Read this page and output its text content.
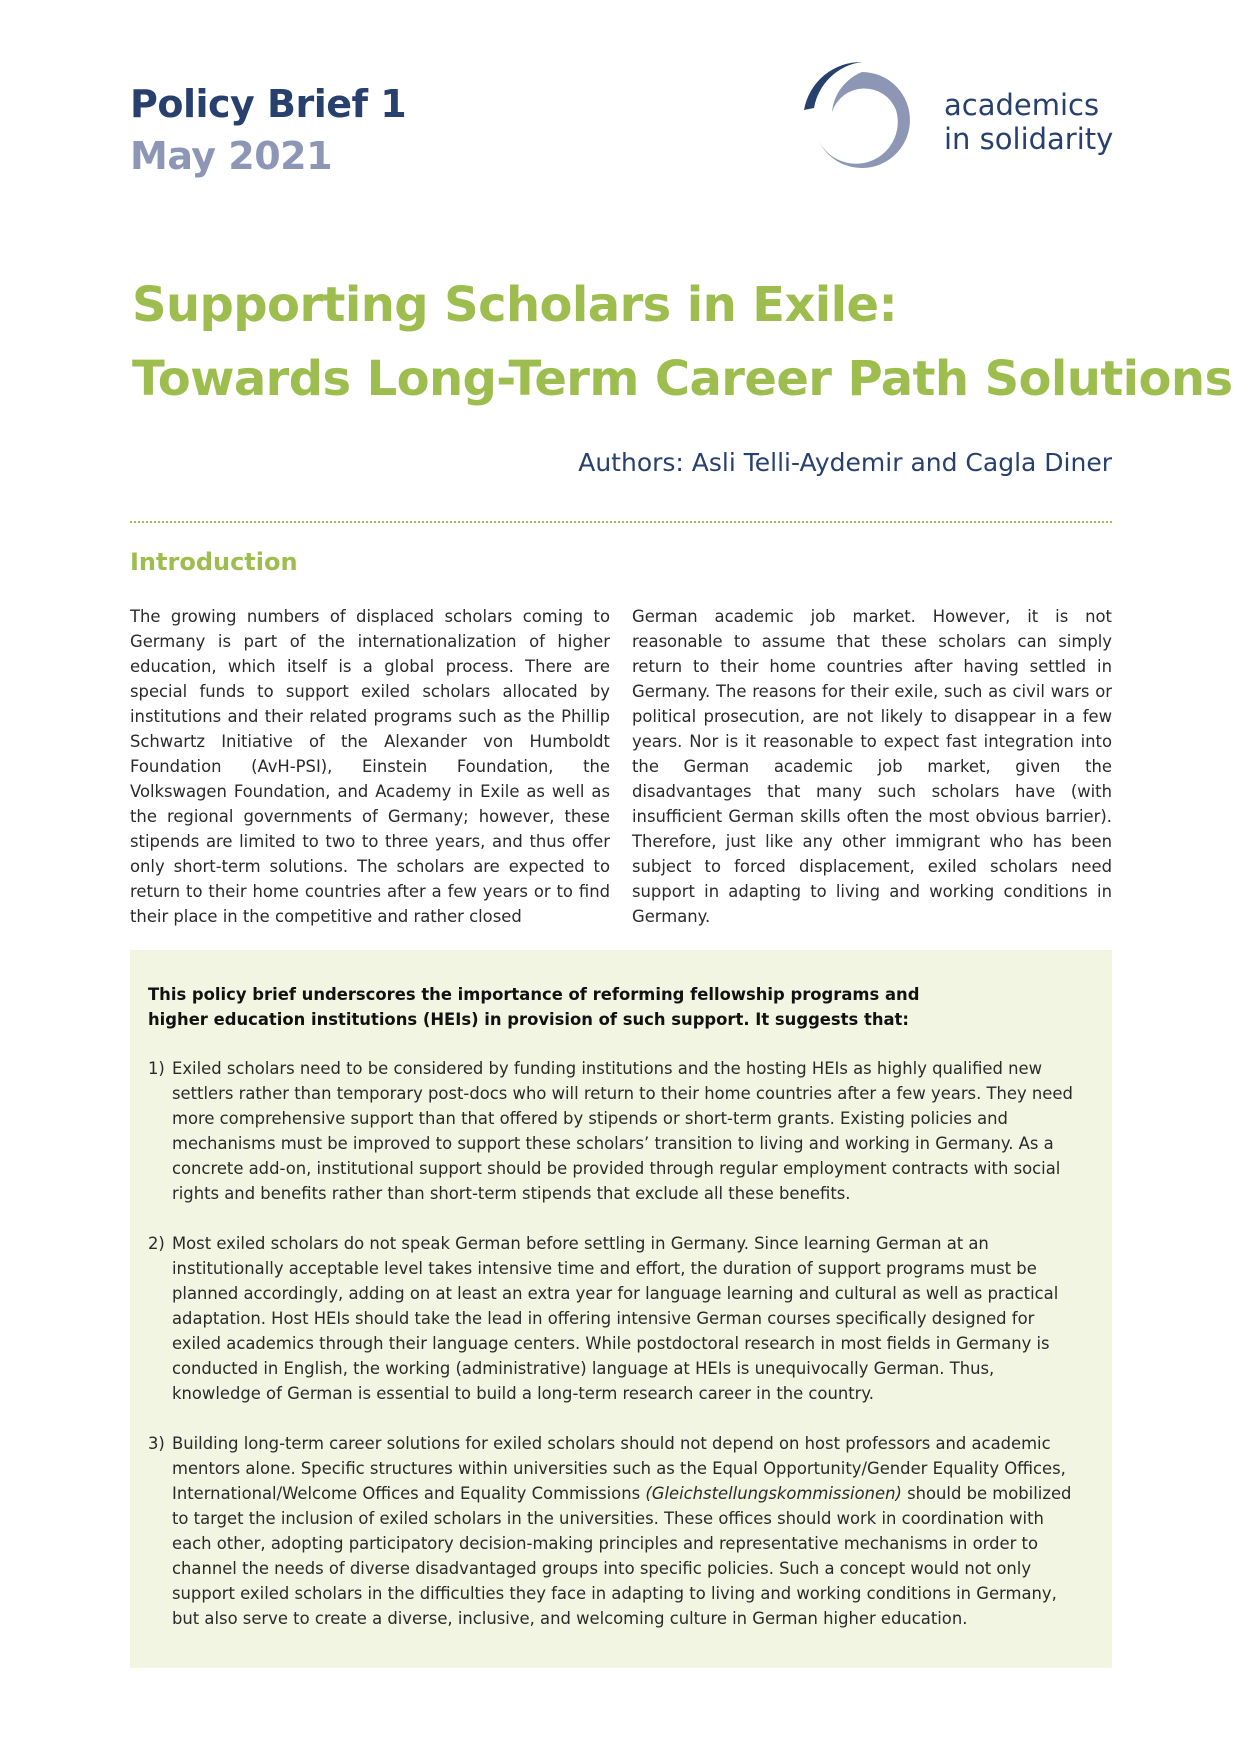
Policy Brief 1
May 2021
academics
in solidarity
Supporting Scholars in Exile:
Towards Long-Term Career Path Solutions
Authors: Asli Telli-Aydemir and Cagla Diner
Introduction

The growing numbers of displaced scholars coming to Germany is part of the internationalization of higher education, which itself is a global process. There are special funds to support exiled scholars allocated by institutions and their related programs such as the Phillip Schwartz Initiative of the Alexander von Humboldt Foundation (AvH-PSI), Einstein Foundation, the Volkswagen Foundation, and Academy in Exile as well as the regional governments of Germany; however, these stipends are limited to two to three years, and thus offer only short-term solutions. The scholars are expected to return to their home countries after a few years or to find their place in the competitive and rather closed

German academic job market. However, it is not reasonable to assume that these scholars can simply return to their home countries after having settled in Germany. The reasons for their exile, such as civil wars or political prosecution, are not likely to disappear in a few years. Nor is it reasonable to expect fast integration into the German academic job market, given the disadvantages that many such scholars have (with insufficient German skills often the most obvious barrier). Therefore, just like any other immigrant who has been subject to forced displacement, exiled scholars need support in adapting to living and working conditions in Germany.

This policy brief underscores the importance of reforming fellowship programs and higher education institutions (HEIs) in provision of such support. It suggests that:

1) Exiled scholars need to be considered by funding institutions and the hosting HEIs as highly qualified new settlers rather than temporary post-docs who will return to their home countries after a few years. They need more comprehensive support than that offered by stipends or short-term grants. Existing policies and mechanisms must be improved to support these scholars’ transition to living and working in Germany. As a concrete add-on, institutional support should be provided through regular employment contracts with social rights and benefits rather than short-term stipends that exclude all these benefits.
2) Most exiled scholars do not speak German before settling in Germany. Since learning German at an institutionally acceptable level takes intensive time and effort, the duration of support programs must be planned accordingly, adding on at least an extra year for language learning and cultural as well as practical adaptation. Host HEIs should take the lead in offering intensive German courses specifically designed for exiled academics through their language centers. While postdoctoral research in most fields in Germany is conducted in English, the working (administrative) language at HEIs is unequivocally German. Thus, knowledge of German is essential to build a long-term research career in the country.
3) Building long-term career solutions for exiled scholars should not depend on host professors and academic mentors alone. Specific structures within universities such as the Equal Opportunity/Gender Equality Offices, International/Welcome Offices and Equality Commissions (Gleichstellungskommissionen) should be mobilized to target the inclusion of exiled scholars in the universities. These offices should work in coordination with each other, adopting participatory decision-making principles and representative mechanisms in order to channel the needs of diverse disadvantaged groups into specific policies. Such a concept would not only support exiled scholars in the difficulties they face in adapting to living and working conditions in Germany, but also serve to create a diverse, inclusive, and welcoming culture in German higher education.
